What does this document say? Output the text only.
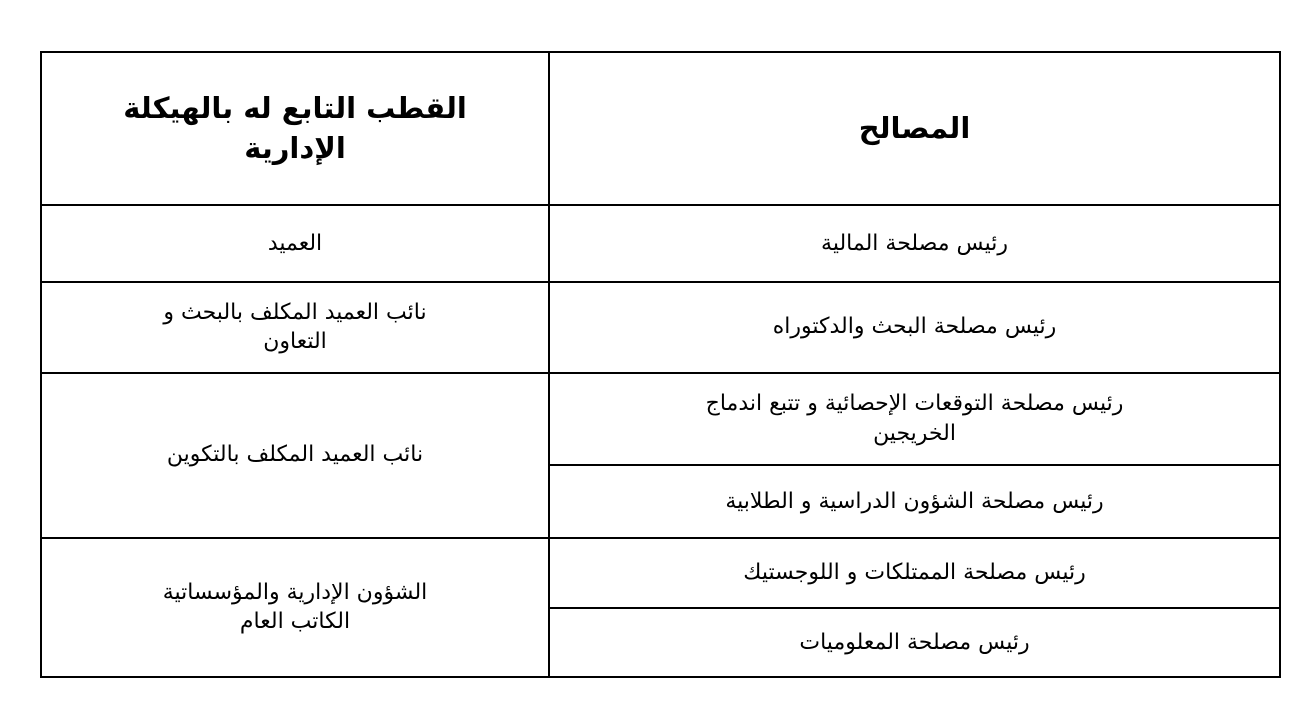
المصالح	القطب التابع له بالهيكلة
الإدارية

رئيس مصلحة المالية	العميد
رئيس مصلحة البحث والدكتوراه	نائب العميد المكلف بالبحث و
التعاون

رئيس مصلحة التوقعات الإحصائية و تتبع اندماج
الخريجين	نائب العميد المكلف بالتكوين
رئيس مصلحة الشؤون الدراسية و الطلابية	
رئيس مصلحة الممتلكات و اللوجستيك	الشؤون الإدارية والمؤسساتية
الكاتب العام

رئيس مصلحة المعلوميات	
